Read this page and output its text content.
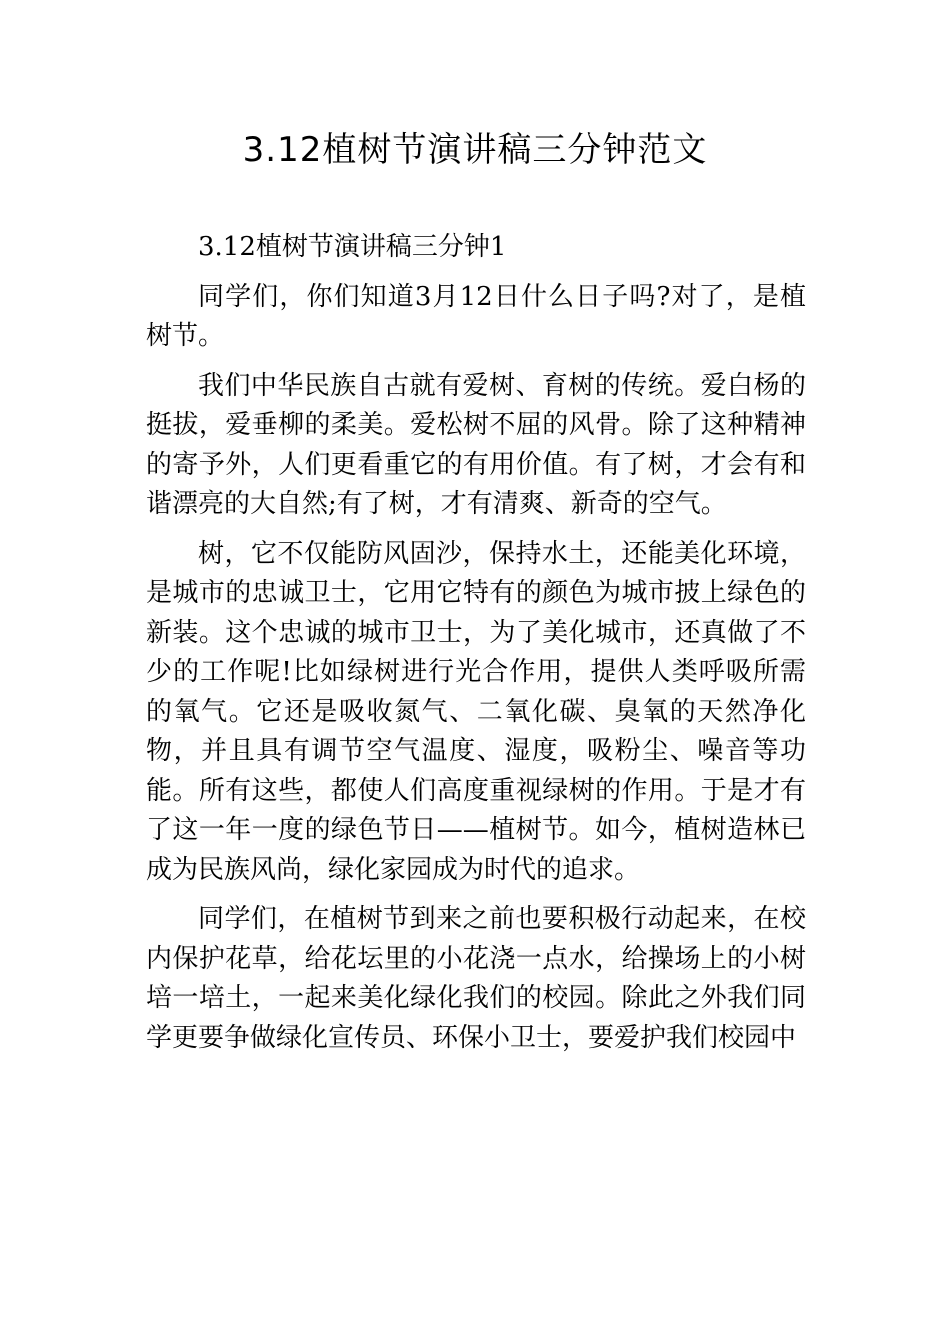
3.12植树节演讲稿三分钟范文

3.12植树节演讲稿三分钟1

同学们，你们知道3月12日什么日子吗?对了，是植树节。

我们中华民族自古就有爱树、育树的传统。爱白杨的挺拔，爱垂柳的柔美。爱松树不屈的风骨。除了这种精神的寄予外，人们更看重它的有用价值。有了树，才会有和谐漂亮的大自然;有了树，才有清爽、新奇的空气。

树，它不仅能防风固沙，保持水土，还能美化环境，是城市的忠诚卫士，它用它特有的颜色为城市披上绿色的新装。这个忠诚的城市卫士，为了美化城市，还真做了不少的工作呢!比如绿树进行光合作用，提供人类呼吸所需的氧气。它还是吸收氮气、二氧化碳、臭氧的天然净化物，并且具有调节空气温度、湿度，吸粉尘、噪音等功能。所有这些，都使人们高度重视绿树的作用。于是才有了这一年一度的绿色节日——植树节。如今，植树造林已成为民族风尚，绿化家园成为时代的追求。

同学们，在植树节到来之前也要积极行动起来，在校内保护花草，给花坛里的小花浇一点水，给操场上的小树培一培土，一起来美化绿化我们的校园。除此之外我们同学更要争做绿化宣传员、环保小卫士，要爱护我们校园中
